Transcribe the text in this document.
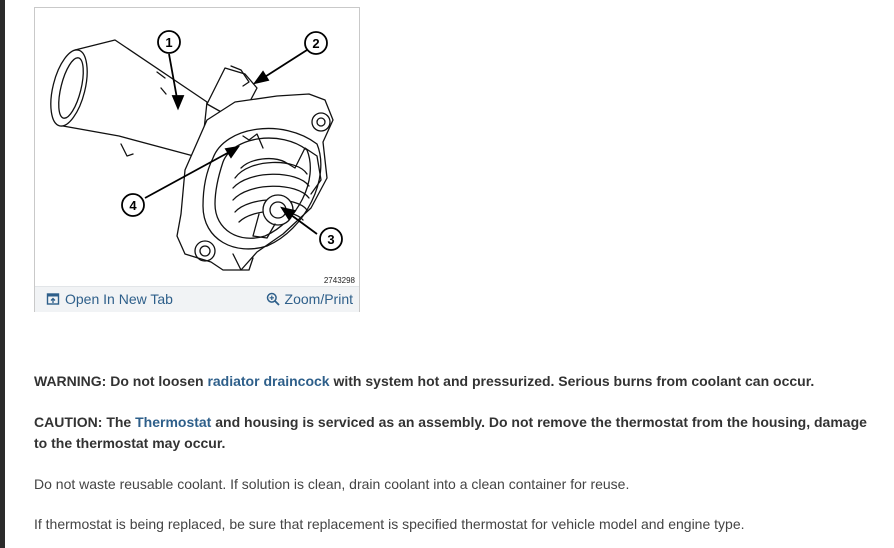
1	2
3
4
2743298
Open In New Tab	Zoom/Print

WARNING: Do not loosen radiator draincock with system hot and pressurized. Serious burns from coolant can occur.

CAUTION: The Thermostat and housing is serviced as an assembly. Do not remove the thermostat from the housing, damage to the thermostat may occur.

Do not waste reusable coolant. If solution is clean, drain coolant into a clean container for reuse.

If thermostat is being replaced, be sure that replacement is specified thermostat for vehicle model and engine type.
